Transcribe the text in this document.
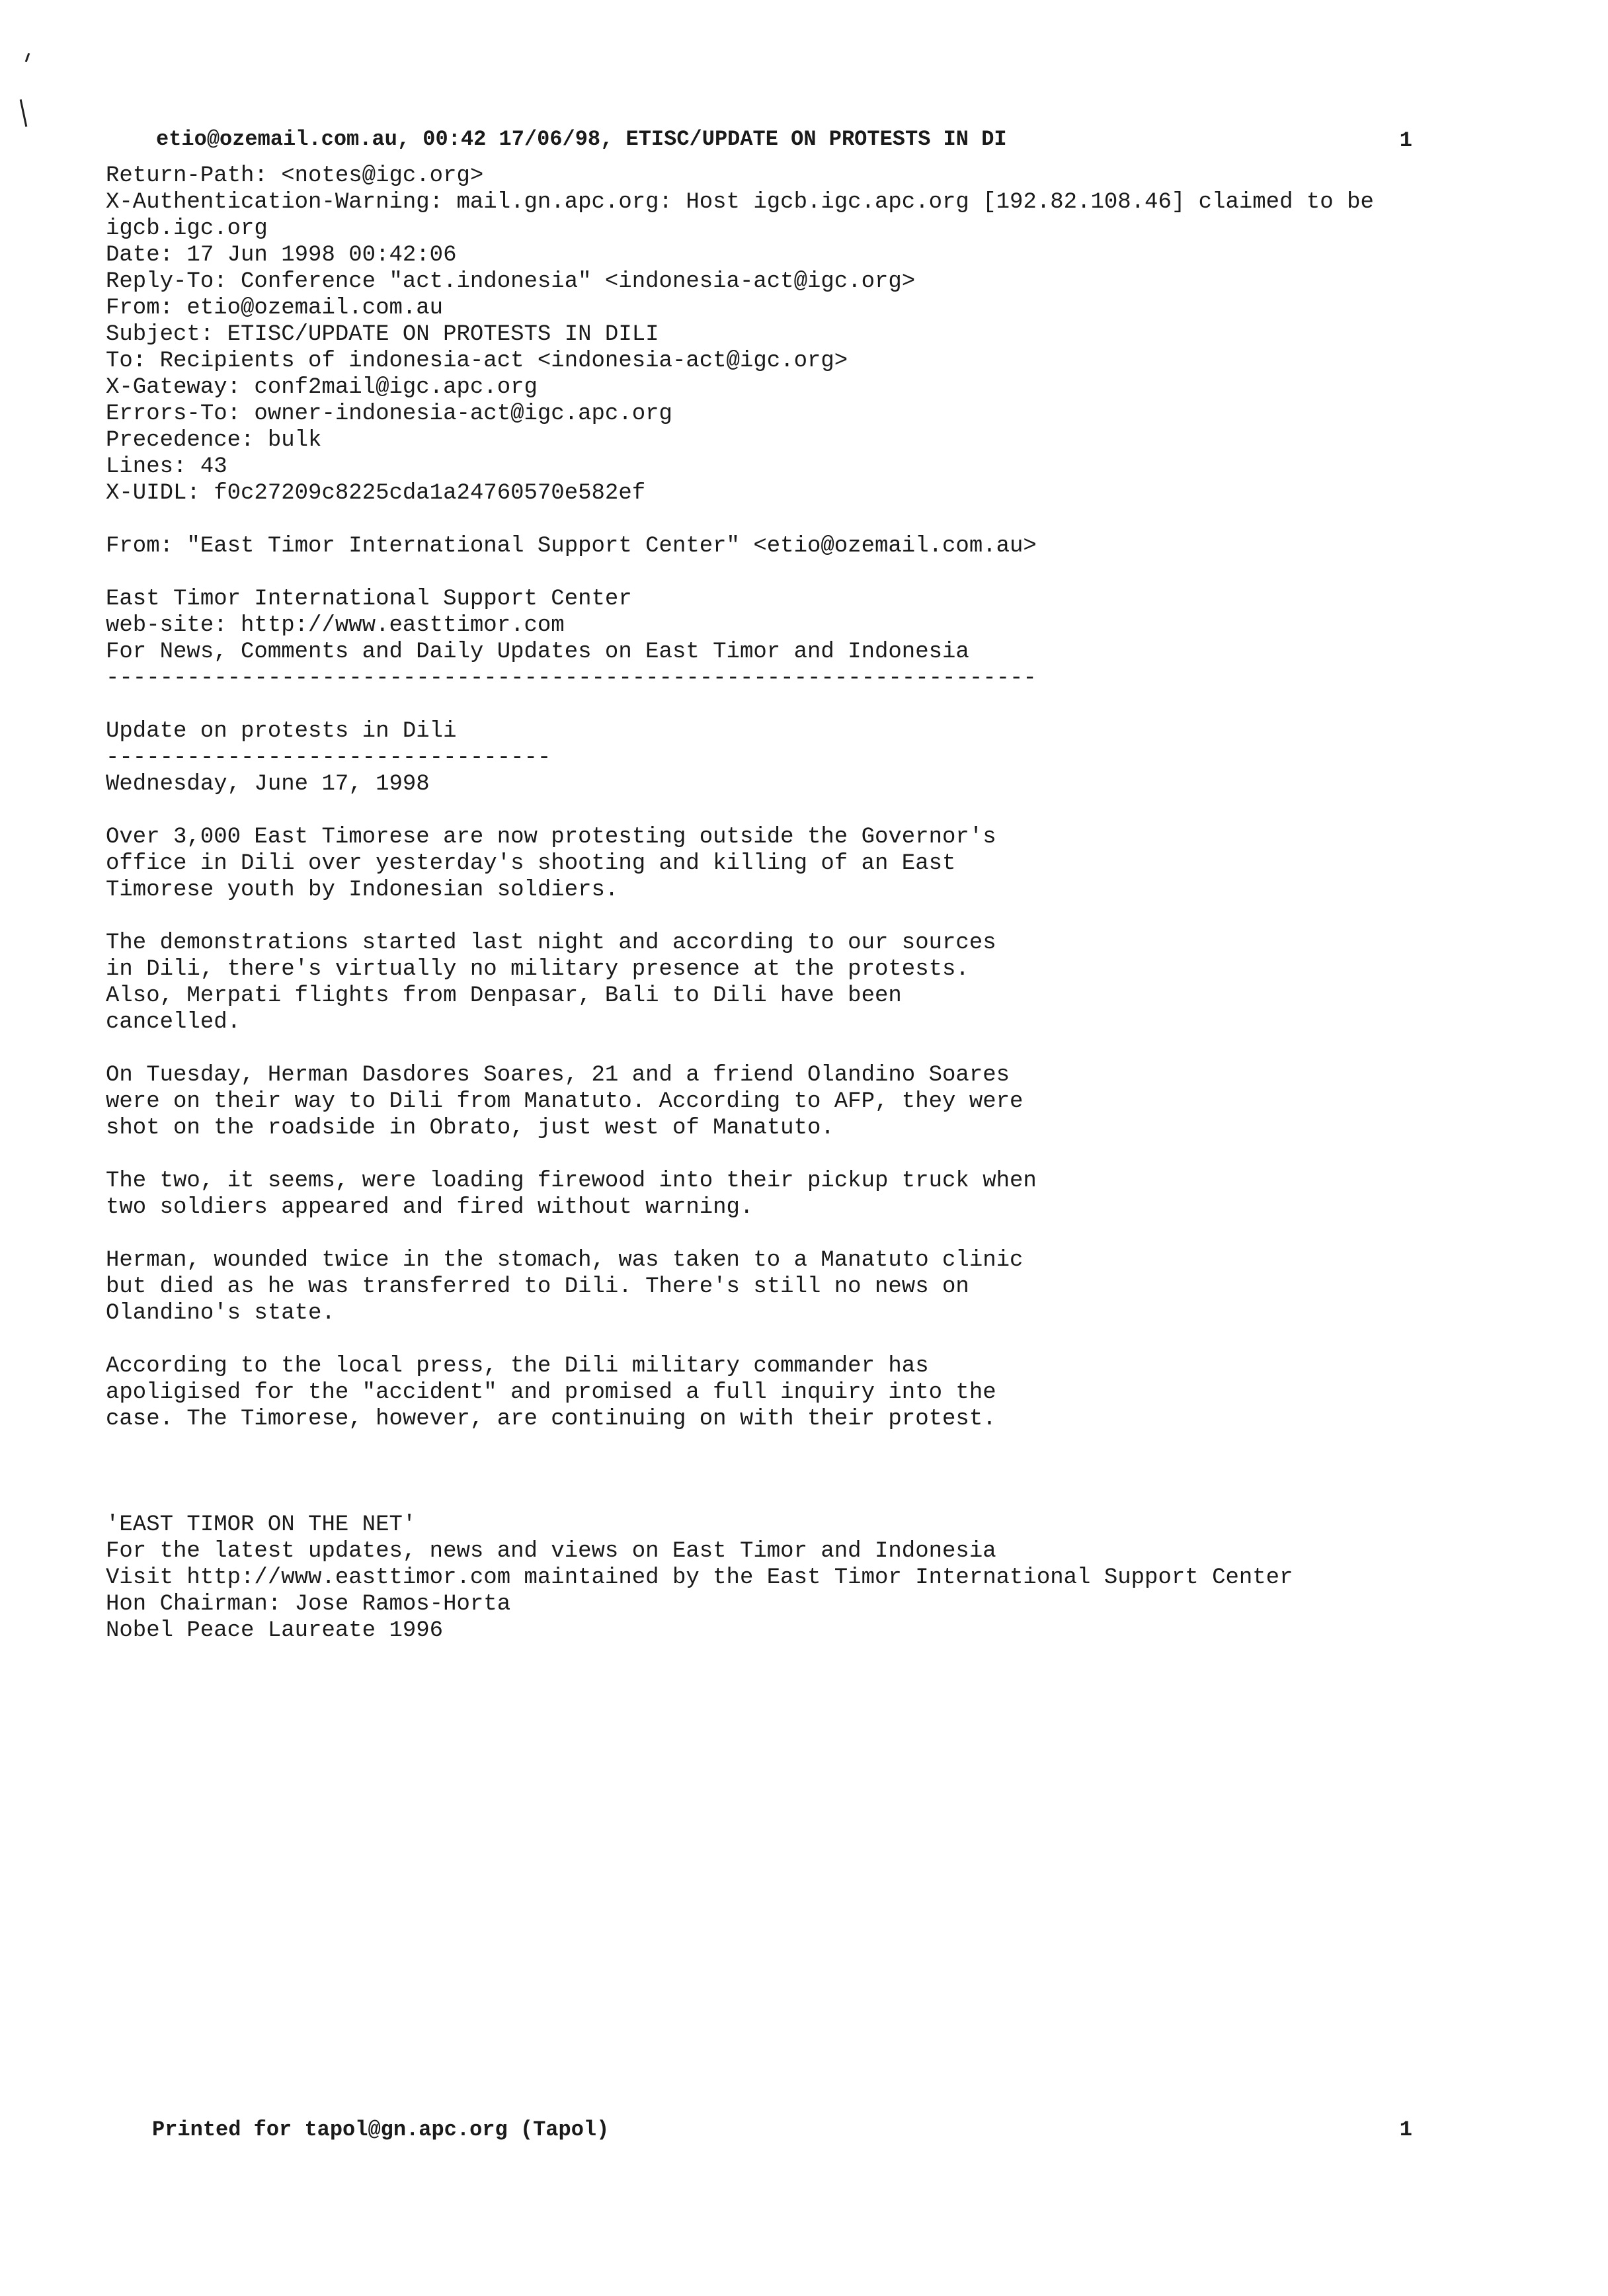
etio@ozemail.com.au, 00:42 17/06/98, ETISC/UPDATE ON PROTESTS IN DI	1
Return-Path: <notes@igc.org>
X-Authentication-Warning: mail.gn.apc.org: Host igcb.igc.apc.org [192.82.108.46] claimed to be igcb.igc.org
Date: 17 Jun 1998 00:42:06
Reply-To: Conference "act.indonesia" <indonesia-act@igc.org>
From: etio@ozemail.com.au
Subject: ETISC/UPDATE ON PROTESTS IN DILI
To: Recipients of indonesia-act <indonesia-act@igc.org>
X-Gateway: conf2mail@igc.apc.org
Errors-To: owner-indonesia-act@igc.apc.org
Precedence: bulk
Lines: 43
X-UIDL: f0c27209c8225cda1a24760570e582ef
From: "East Timor International Support Center" <etio@ozemail.com.au>
East Timor International Support Center
web-site: http://www.easttimor.com
For News, Comments and Daily Updates on East Timor and Indonesia
---------------------------------------------------------------------
Update on protests in Dili
---------------------------------
Wednesday, June 17, 1998
Over 3,000 East Timorese are now protesting outside the Governor's
office in Dili over yesterday's shooting and killing of an East
Timorese youth by Indonesian soldiers.
The demonstrations started last night and according to our sources
in Dili, there's virtually no military presence at the protests.
Also, Merpati flights from Denpasar, Bali to Dili have been
cancelled.
On Tuesday, Herman Dasdores Soares, 21 and a friend Olandino Soares
were on their way to Dili from Manatuto. According to AFP, they were
shot on the roadside in Obrato, just west of Manatuto.
The two, it seems, were loading firewood into their pickup truck when
two soldiers appeared and fired without warning.
Herman, wounded twice in the stomach, was taken to a Manatuto clinic
but died as he was transferred to Dili. There's still no news on
Olandino's state.
According to the local press, the Dili military commander has
apoligised for the "accident" and promised a full inquiry into the
case. The Timorese, however, are continuing on with their protest.
'EAST TIMOR ON THE NET'
For the latest updates, news and views on East Timor and Indonesia
Visit http://www.easttimor.com maintained by the East Timor International Support Center
Hon Chairman: Jose Ramos-Horta
Nobel Peace Laureate 1996
Printed for tapol@gn.apc.org (Tapol)	1
